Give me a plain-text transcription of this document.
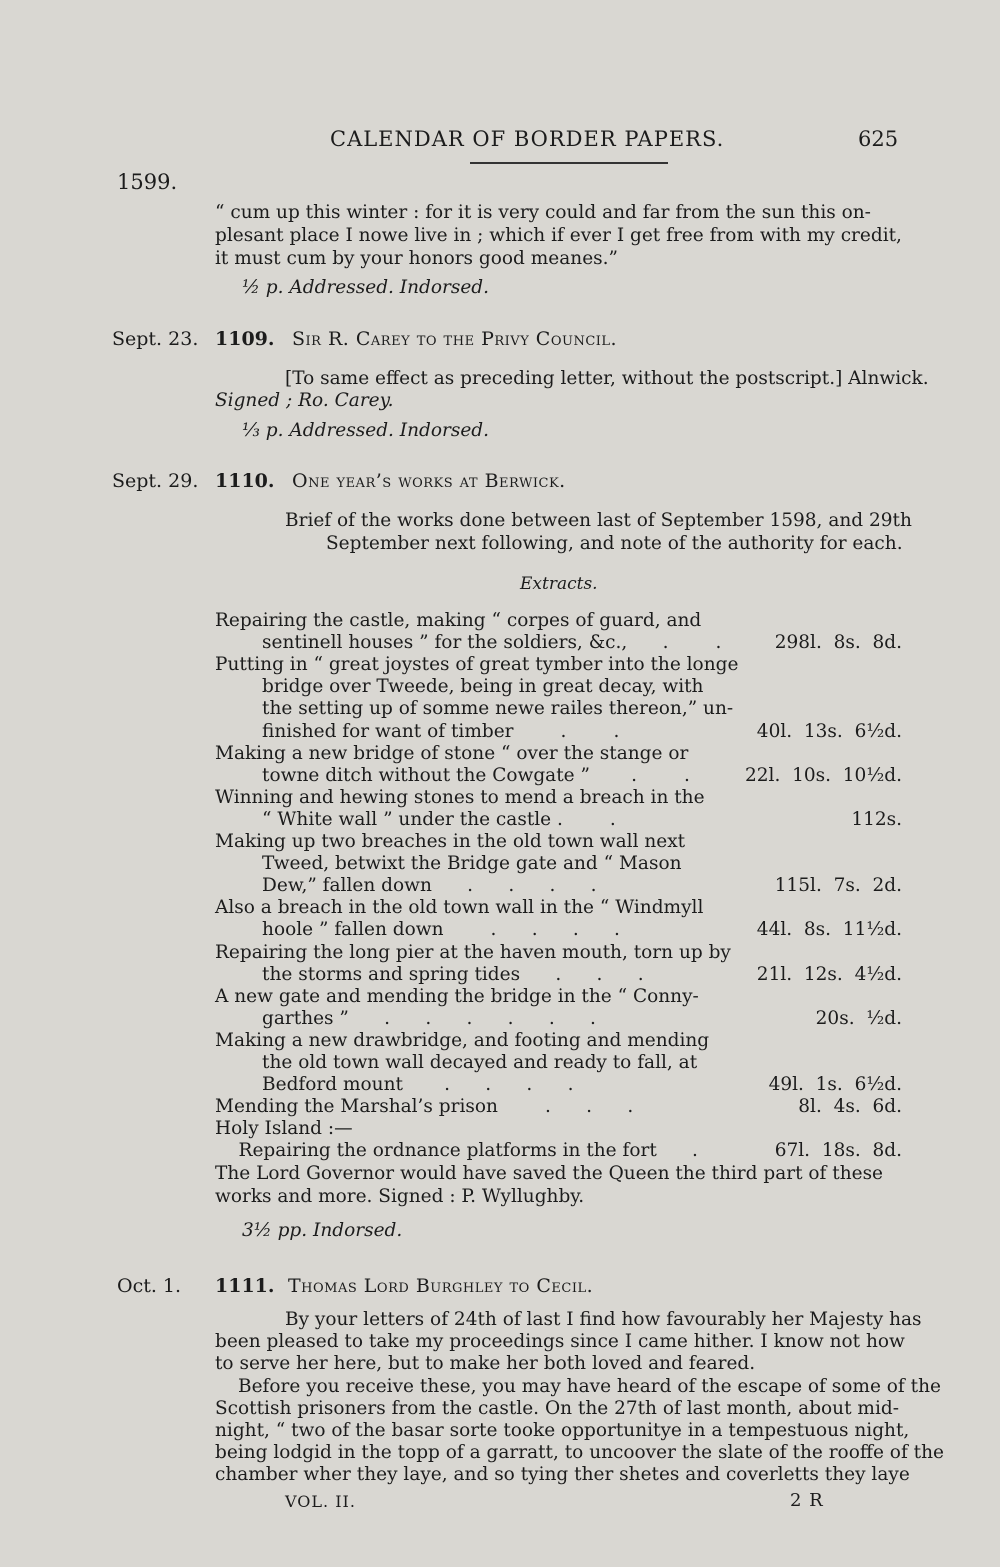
CALENDAR OF BORDER PAPERS.	625
1599.
“ cum up this winter : for it is very could and far from the sun this on-
plesant place I nowe live in ; which if ever I get free from with my credit,
it must cum by your honors good meanes.”
½ p. Addressed. Indorsed.
Sept. 23. 1109. Sir R. Carey to the Privy Council.
[To same effect as preceding letter, without the postscript.] Alnwick.
Signed ; Ro. Carey.
⅓ p. Addressed. Indorsed.
Sept. 29. 1110. One year’s works at Berwick.
Brief of the works done between last of September 1598, and 29th
September next following, and note of the authority for each.
Extracts.
Repairing the castle, making “ corpes of guard, and
sentinell houses ” for the soldiers, &c.,      .        .	298l.  8s.  8d.
Putting in “ great joystes of great tymber into the longe
bridge over Tweede, being in great decay, with
the setting up of somme newe railes thereon,” un-
finished for want of timber        .        .	40l.  13s.  6½d.
Making a new bridge of stone “ over the stange or
towne ditch without the Cowgate ”       .        .	22l.  10s.  10½d.
Winning and hewing stones to mend a breach in the
“ White wall ” under the castle .        .	112s.
Making up two breaches in the old town wall next
Tweed, betwixt the Bridge gate and “ Mason
Dew,” fallen down      .      .      .      .	115l.  7s.  2d.
Also a breach in the old town wall in the “ Windmyll
hoole ” fallen down        .      .      .      .	44l.  8s.  11½d.
Repairing the long pier at the haven mouth, torn up by
the storms and spring tides      .      .      .	21l.  12s.  4½d.
A new gate and mending the bridge in the “ Conny-
garthes ”      .      .      .      .      .      .	20s.  ½d.
Making a new drawbridge, and footing and mending
the old town wall decayed and ready to fall, at
Bedford mount       .      .      .      .	49l.  1s.  6½d.
Mending the Marshal’s prison        .      .      .	8l.  4s.  6d.
Holy Island :—
Repairing the ordnance platforms in the fort      .	67l.  18s.  8d.
The Lord Governor would have saved the Queen the third part of these
works and more. Signed : P. Wyllughby.
3½ pp. Indorsed.
Oct. 1. 1111. Thomas Lord Burghley to Cecil.
By your letters of 24th of last I find how favourably her Majesty has
been pleased to take my proceedings since I came hither. I know not how
to serve her here, but to make her both loved and feared.
Before you receive these, you may have heard of the escape of some of the
Scottish prisoners from the castle. On the 27th of last month, about mid-
night, “ two of the basar sorte tooke opportunitye in a tempestuous night,
being lodgid in the topp of a garratt, to uncoover the slate of the rooffe of the
chamber wher they laye, and so tying ther shetes and coverletts they laye
VOL. II.	2 R
